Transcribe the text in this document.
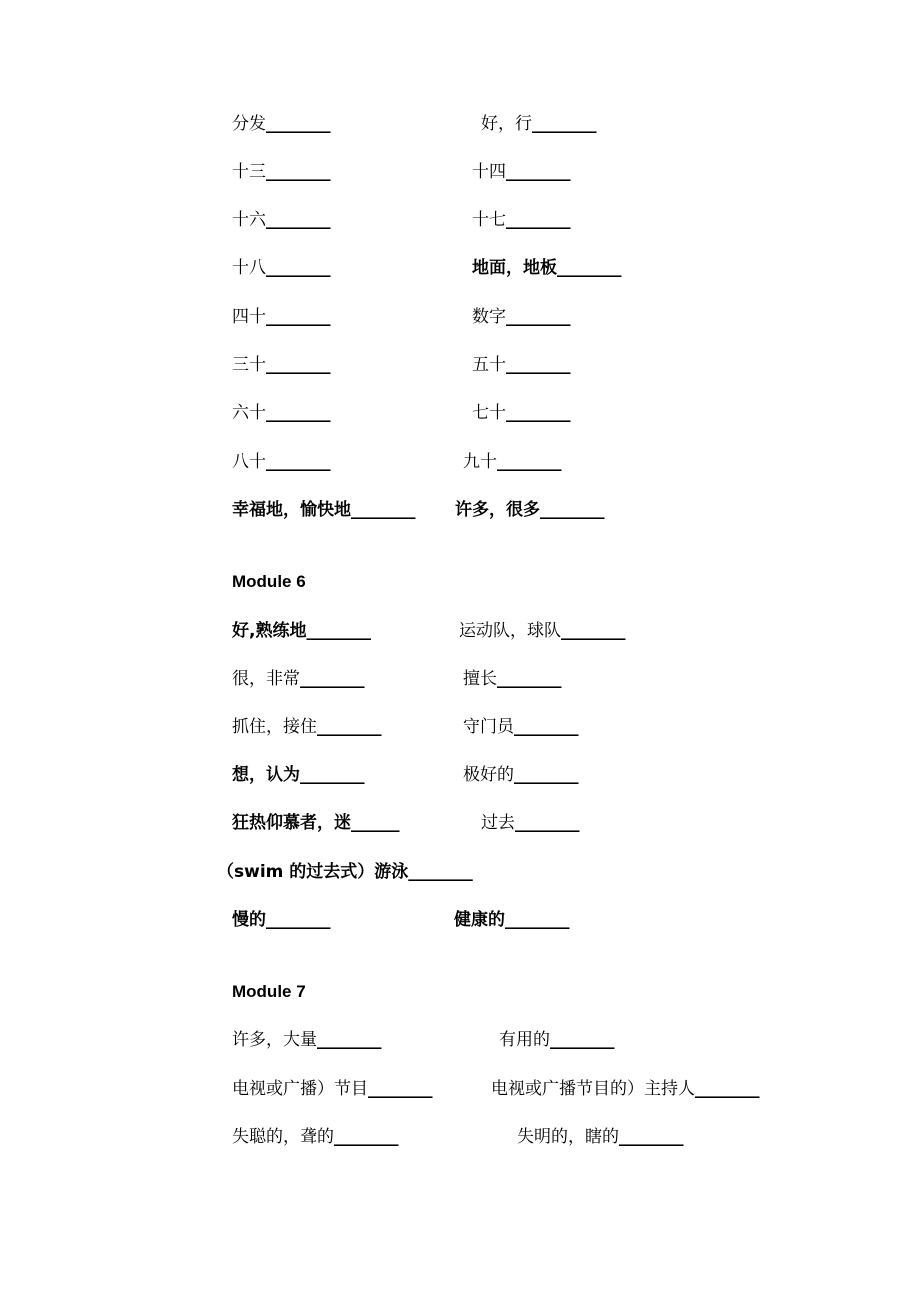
分发________	好，行________
十三________	十四________
十六________	十七________
十八________	地面，地板________
四十________	数字________
三十________	五十________
六十________	七十________
八十________	九十________
幸福地，愉快地________ 许多，很多________
Module 6
好,熟练地________	运动队，球队________
很，非常________	擅长________
抓住，接住________	守门员________
想，认为________	极好的________
狂热仰慕者，迷______	过去________
（swim 的过去式）游泳________
慢的________	健康的________
Module 7
许多，大量________	有用的________
电视或广播）节目________	电视或广播节目的）主持人________
失聪的，聋的________	失明的，瞎的________
